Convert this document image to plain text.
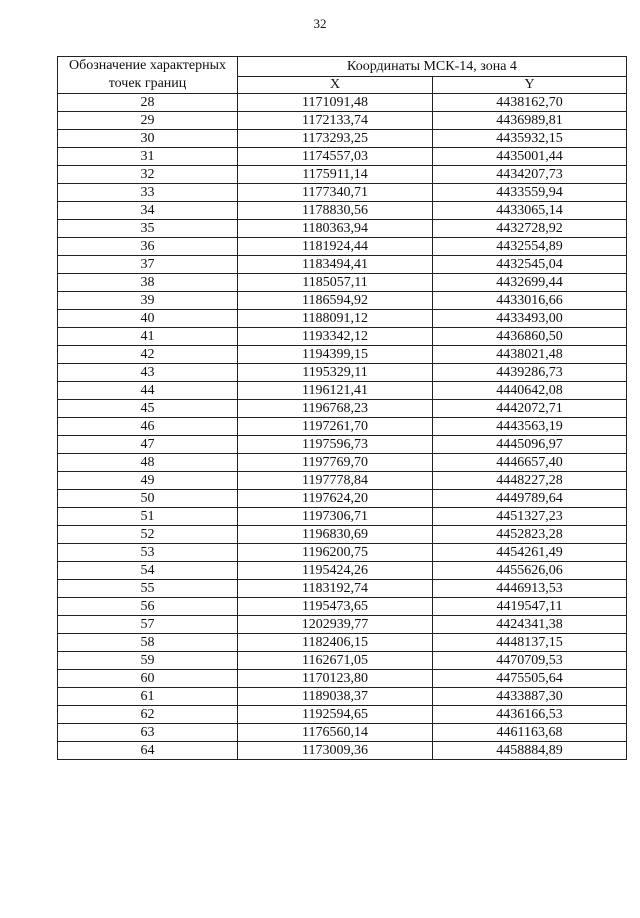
32
Обозначение характерных точек границ	Координаты МСК-14, зона 4	
	X	Y
28	1171091,48	4438162,70
29	1172133,74	4436989,81
30	1173293,25	4435932,15
31	1174557,03	4435001,44
32	1175911,14	4434207,73
33	1177340,71	4433559,94
34	1178830,56	4433065,14
35	1180363,94	4432728,92
36	1181924,44	4432554,89
37	1183494,41	4432545,04
38	1185057,11	4432699,44
39	1186594,92	4433016,66
40	1188091,12	4433493,00
41	1193342,12	4436860,50
42	1194399,15	4438021,48
43	1195329,11	4439286,73
44	1196121,41	4440642,08
45	1196768,23	4442072,71
46	1197261,70	4443563,19
47	1197596,73	4445096,97
48	1197769,70	4446657,40
49	1197778,84	4448227,28
50	1197624,20	4449789,64
51	1197306,71	4451327,23
52	1196830,69	4452823,28
53	1196200,75	4454261,49
54	1195424,26	4455626,06
55	1183192,74	4446913,53
56	1195473,65	4419547,11
57	1202939,77	4424341,38
58	1182406,15	4448137,15
59	1162671,05	4470709,53
60	1170123,80	4475505,64
61	1189038,37	4433887,30
62	1192594,65	4436166,53
63	1176560,14	4461163,68
64	1173009,36	4458884,89
